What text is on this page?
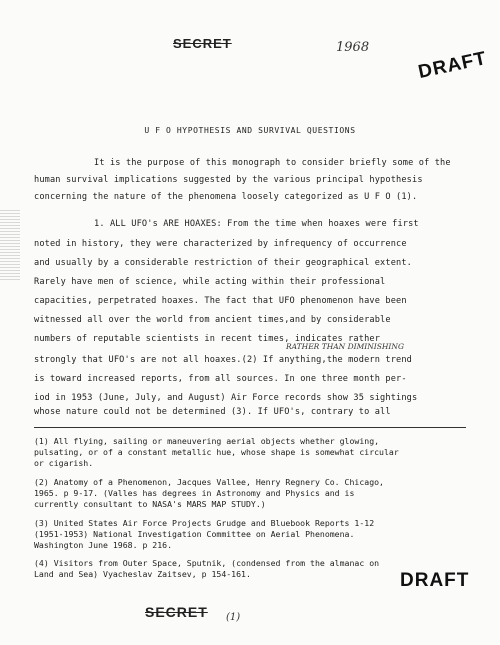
SECRET	1968
DRAFT
U F O HYPOTHESIS AND SURVIVAL QUESTIONS
It is the purpose of this monograph to consider briefly some of the
human survival implications suggested by the various principal hypothesis
concerning the nature of the phenomena loosely categorized as U F O (1).
1. ALL UFO's ARE HOAXES: From the time when hoaxes were first
noted in history, they were characterized by infrequency of occurrence
and usually by a considerable restriction of their geographical extent.
Rarely have men of science, while acting within their professional
capacities, perpetrated hoaxes. The fact that UFO phenomenon have been
witnessed all over the world from ancient times,and by considerable
numbers of reputable scientists in recent times, indicates rather
RATHER THAN DIMINISHING
strongly that UFO's are not all hoaxes.(2) If anything,the modern trend
is toward increased reports, from all sources. In one three month per-
iod in 1953 (June, July, and August) Air Force records show 35 sightings
whose nature could not be determined (3). If UFO's, contrary to all
(1) All flying, sailing or maneuvering aerial objects whether glowing,
pulsating, or of a constant metallic hue, whose shape is somewhat circular
or cigarish.
(2) Anatomy of a Phenomenon, Jacques Vallee, Henry Regnery Co. Chicago,
1965. p 9-17. (Valles has degrees in Astronomy and Physics and is
currently consultant to NASA's MARS MAP STUDY.)
(3) United States Air Force Projects Grudge and Bluebook Reports 1-12
(1951-1953) National Investigation Committee on Aerial Phenomena.
Washington June 1968. p 216.
(4) Visitors from Outer Space, Sputnik, (condensed from the almanac on
Land and Sea) Vyacheslav Zaitsev, p 154-161.	DRAFT
SECRET (1)
